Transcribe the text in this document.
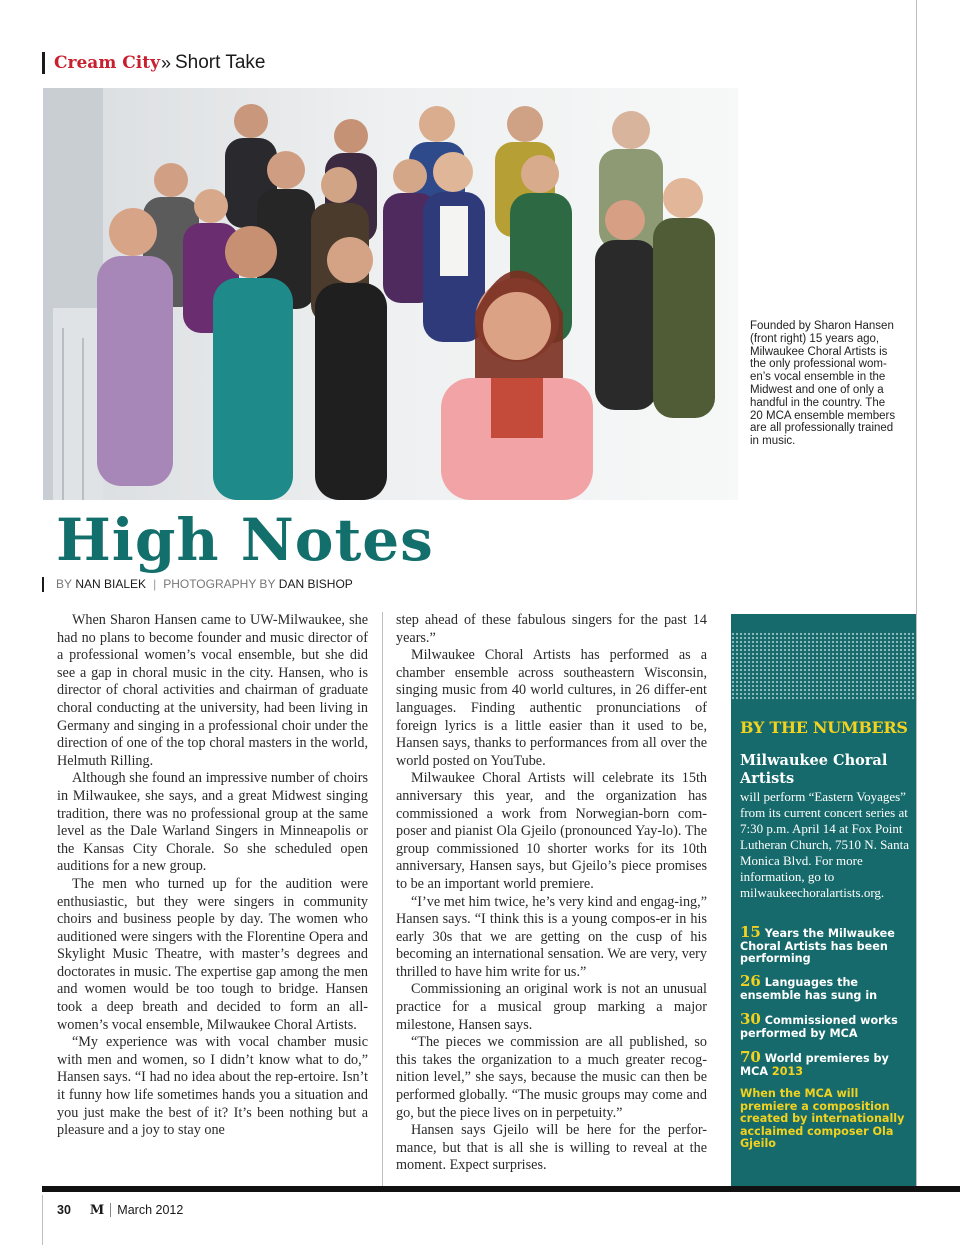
Cream City » Short Take
Founded by Sharon Hansen (front right) 15 years ago, Milwaukee Choral Artists is the only professional wom-en’s vocal ensemble in the Midwest and one of only a handful in the country. The 20 MCA ensemble members are all professionally trained in music.
High Notes
BY
NAN BIALEK | PHOTOGRAPHY BY
DAN BISHOP

When Sharon Hansen came to UW-Milwaukee, she had no plans to become founder and music director of a professional women’s vocal ensemble, but she did see a gap in choral music in the city. Hansen, who is director of choral activities and chairman of graduate choral conducting at the university, had been living in Germany and singing in a professional choir under the direction of one of the top choral masters in the world, Helmuth Rilling.

Although she found an impressive number of choirs in Milwaukee, she says, and a great Midwest singing tradition, there was no professional group at the same level as the Dale Warland Singers in Minneapolis or the Kansas City Chorale. So she scheduled open auditions for a new group.

The men who turned up for the audition were enthusiastic, but they were singers in community choirs and business people by day. The women who auditioned were singers with the Florentine Opera and Skylight Music Theatre, with master’s degrees and doctorates in music. The expertise gap among the men and women would be too tough to bridge. Hansen took a deep breath and decided to form an all-women’s vocal ensemble, Milwaukee Choral Artists.

“My experience was with vocal chamber music with men and women, so I didn’t know what to do,” Hansen says. “I had no idea about the rep-ertoire. Isn’t it funny how life sometimes hands you a situation and you just make the best of it? It’s been nothing but a pleasure and a joy to stay one

step ahead of these fabulous singers for the past 14 years.”

Milwaukee Choral Artists has performed as a chamber ensemble across southeastern Wisconsin, singing music from 40 world cultures, in 26 differ-ent languages. Finding authentic pronunciations of foreign lyrics is a little easier than it used to be, Hansen says, thanks to performances from all over the world posted on YouTube.

Milwaukee Choral Artists will celebrate its 15th anniversary this year, and the organization has commissioned a work from Norwegian-born com-poser and pianist Ola Gjeilo (pronounced Yay-lo). The group commissioned 10 shorter works for its 10th anniversary, Hansen says, but Gjeilo’s piece promises to be an important world premiere.

“I’ve met him twice, he’s very kind and engag-ing,” Hansen says. “I think this is a young compos-er in his early 30s that we are getting on the cusp of his becoming an international sensation. We are very, very thrilled to have him write for us.”

Commissioning an original work is not an unusual practice for a musical group marking a major milestone, Hansen says.

“The pieces we commission are all published, so this takes the organization to a much greater recog-nition level,” she says, because the music can then be performed globally. “The music groups may come and go, but the piece lives on in perpetuity.”

Hansen says Gjeilo will be here for the perfor-mance, but that is all she is willing to reveal at the moment. Expect surprises.

BY THE NUMBERS
Milwaukee Choral Artists
will perform “Eastern Voyages” from its current concert series at 7:30 p.m. April 14 at Fox Point Lutheran Church, 7510 N. Santa Monica Blvd. For more information, go to milwaukeechoralartists.org.
15 Years the Milwaukee Choral Artists has been performing
26 Languages the ensemble has sung in
30 Commissioned works performed by MCA
70 World premieres by MCA 2013
When the MCA will premiere a composition created by internationally acclaimed composer Ola Gjeilo
30 M March 2012
